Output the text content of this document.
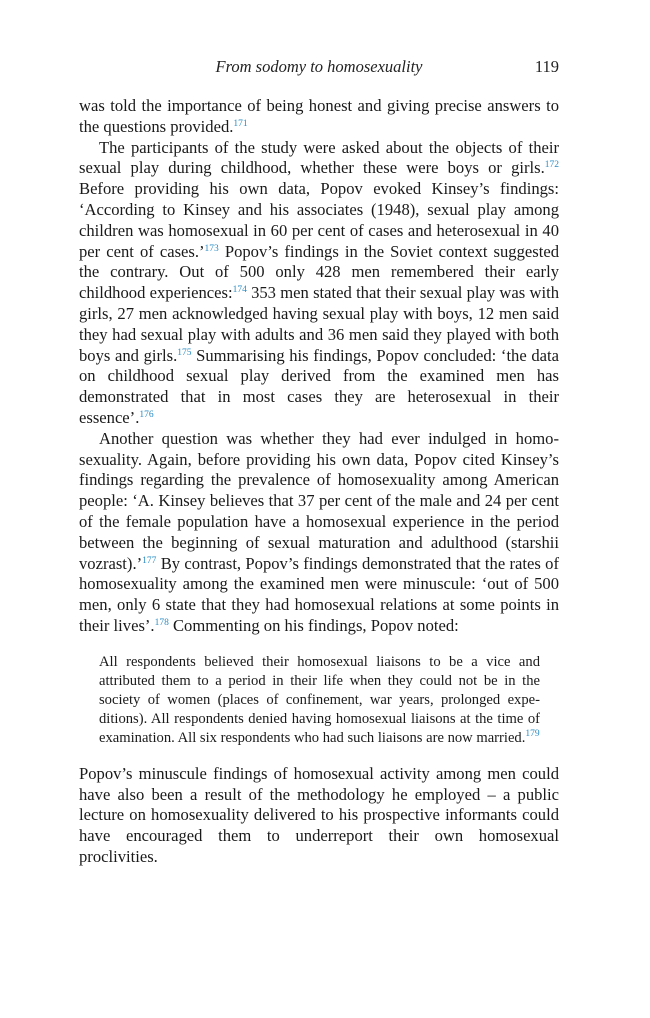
From sodomy to homosexuality	119

was told the importance of being honest and giving precise answers to the questions provided.$^{171}$

The participants of the study were asked about the objects of their sexual play during childhood, whether these were boys or girls.$^{172}$ Before providing his own data, Popov evoked Kinsey’s findings: ‘According to Kinsey and his associates (1948), sexual play among children was homosexual in 60 per cent of cases and heterosexual in 40 per cent of cases.’$^{173}$ Popov’s findings in the Soviet context suggested the contrary. Out of 500 only 428 men remembered their early childhood experiences:$^{174}$ 353 men stated that their sexual play was with girls, 27 men acknowledged having sexual play with boys, 12 men said they had sexual play with adults and 36 men said they played with both boys and girls.$^{175}$ Summarising his findings, Popov concluded: ‘the data on childhood sexual play derived from the examined men has demonstrated that in most cases they are heterosexual in their essence’.$^{176}$

Another question was whether they had ever indulged in homosexuality. Again, before providing his own data, Popov cited Kinsey’s findings regarding the prevalence of homosexuality among American people: ‘A. Kinsey believes that 37 per cent of the male and 24 per cent of the female population have a homosexual experience in the period between the beginning of sexual maturation and adulthood (starshii vozrast).’$^{177}$ By contrast, Popov’s findings demonstrated that the rates of homosexuality among the examined men were minuscule: ‘out of 500 men, only 6 state that they had homosexual relations at some points in their lives’.$^{178}$ Commenting on his findings, Popov noted:

All respondents believed their homosexual liaisons to be a vice and attributed them to a period in their life when they could not be in the society of women (places of confinement, war years, prolonged expeditions). All respondents denied having homosexual liaisons at the time of examination. All six respondents who had such liaisons are now married.$^{179}$

Popov’s minuscule findings of homosexual activity among men could have also been a result of the methodology he employed – a public lecture on homosexuality delivered to his prospective informants could have encouraged them to underreport their own homosexual proclivities.
